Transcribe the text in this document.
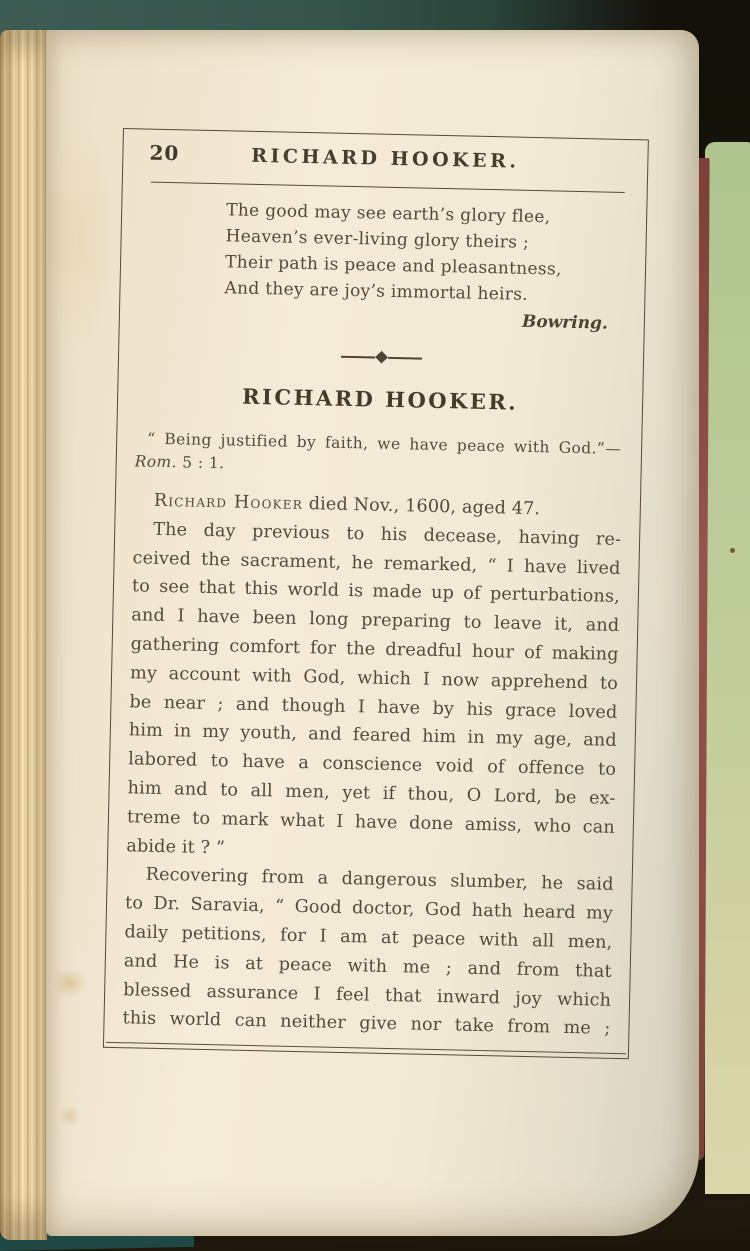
20	RICHARD HOOKER.
The good may see earth’s glory flee,
Heaven’s ever-living glory theirs ;
Their path is peace and pleasantness,
And they are joy’s immortal heirs.
Bowring.
RICHARD HOOKER.
“ Being justified by faith, we have peace with God.”—
Rom. 5 : 1.
Richard Hooker died Nov., 1600, aged 47.
The day previous to his decease, having re-
ceived the sacrament, he remarked, “ I have lived
to see that this world is made up of perturbations,
and I have been long preparing to leave it, and
gathering comfort for the dreadful hour of making
my account with God, which I now apprehend to
be near ; and though I have by his grace loved
him in my youth, and feared him in my age, and
labored to have a conscience void of offence to
him and to all men, yet if thou, O Lord, be ex-
treme to mark what I have done amiss, who can
abide it ? ”
Recovering from a dangerous slumber, he said
to Dr. Saravia, “ Good doctor, God hath heard my
daily petitions, for I am at peace with all men,
and He is at peace with me ; and from that
blessed assurance I feel that inward joy which
this world can neither give nor take from me ;
